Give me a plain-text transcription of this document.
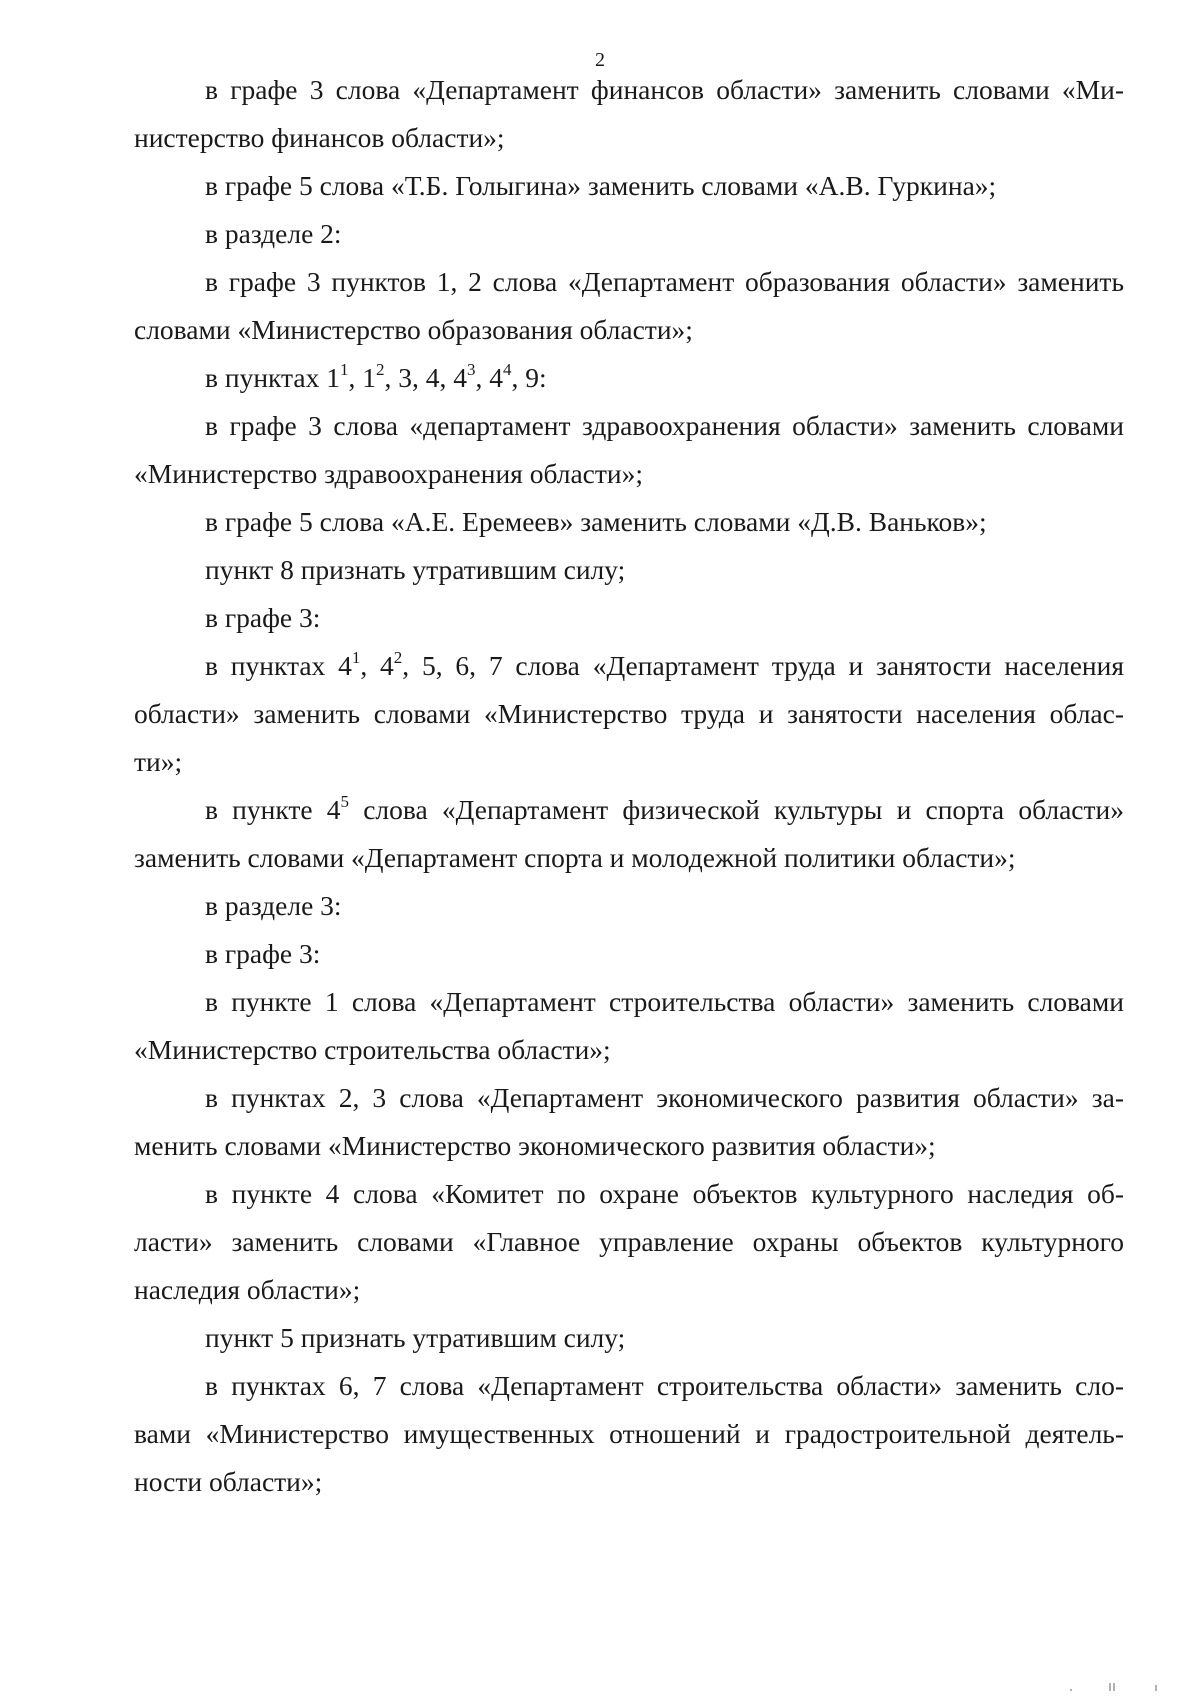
2
в графе 3 слова «Департамент финансов области» заменить словами «Ми-
нистерство финансов области»;
в графе 5 слова «Т.Б. Голыгина» заменить словами «А.В. Гуркина»;
в разделе 2:
в графе 3 пунктов 1, 2 слова «Департамент образования области» заменить
словами «Министерство образования области»;
в пунктах $1^1$, $1^2$, 3, 4, $4^3$, $4^4$, 9:
в графе 3 слова «департамент здравоохранения области» заменить словами
«Министерство здравоохранения области»;
в графе 5 слова «А.Е. Еремеев» заменить словами «Д.В. Ваньков»;
пункт 8 признать утратившим силу;
в графе 3:
в пунктах $4^1$, $4^2$, 5, 6, 7 слова «Департамент труда и занятости населения
области» заменить словами «Министерство труда и занятости населения облас-
ти»;
в пункте $4^5$ слова «Департамент физической культуры и спорта области»
заменить словами «Департамент спорта и молодежной политики области»;
в разделе 3:
в графе 3:
в пункте 1 слова «Департамент строительства области» заменить словами
«Министерство строительства области»;
в пунктах 2, 3 слова «Департамент экономического развития области» за-
менить словами «Министерство экономического развития области»;
в пункте 4 слова «Комитет по охране объектов культурного наследия об-
ласти» заменить словами «Главное управление охраны объектов культурного
наследия области»;
пункт 5 признать утратившим силу;
в пунктах 6, 7 слова «Департамент строительства области» заменить сло-
вами «Министерство имущественных отношений и градостроительной деятель-
ности области»;
